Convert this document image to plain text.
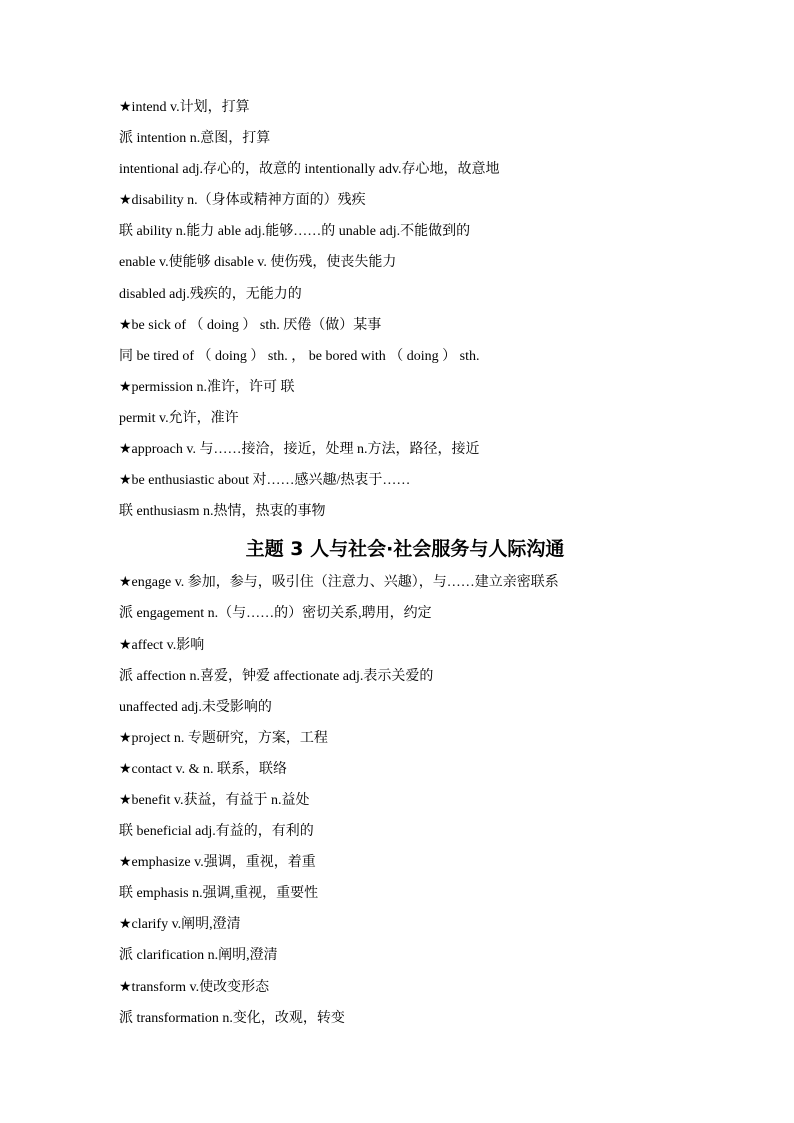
★intend v.计划，打算
派 intention n.意图，打算
intentional adj.存心的，故意的 intentionally adv.存心地，故意地
★disability n.（身体或精神方面的）残疾
联 ability n.能力 able adj.能够……的 unable adj.不能做到的
enable v.使能够 disable v. 使伤残，使丧失能力
disabled adj.残疾的，无能力的
★be sick of （ doing ） sth. 厌倦（做）某事
同 be tired of （ doing ） sth. ， be bored with （ doing ） sth.
★permission n.准许，许可 联
permit v.允许，准许
★approach v. 与……接洽，接近，处理 n.方法，路径，接近
★be enthusiastic about 对……感兴趣/热衷于……
联 enthusiasm n.热情，热衷的事物
主题 3 人与社会·社会服务与人际沟通
★engage v. 参加，参与，吸引住（注意力、兴趣），与……建立亲密联系
派 engagement n.（与……的）密切关系,聘用，约定
★affect v.影响
派 affection n.喜爱，钟爱 affectionate adj.表示关爱的
unaffected adj.未受影响的
★project n. 专题研究，方案，工程
★contact v. & n. 联系，联络
★benefit v.获益，有益于 n.益处
联 beneficial adj.有益的，有利的
★emphasize v.强调，重视，着重
联 emphasis n.强调,重视，重要性
★clarify v.阐明,澄清
派 clarification n.阐明,澄清
★transform v.使改变形态
派 transformation n.变化，改观，转变
